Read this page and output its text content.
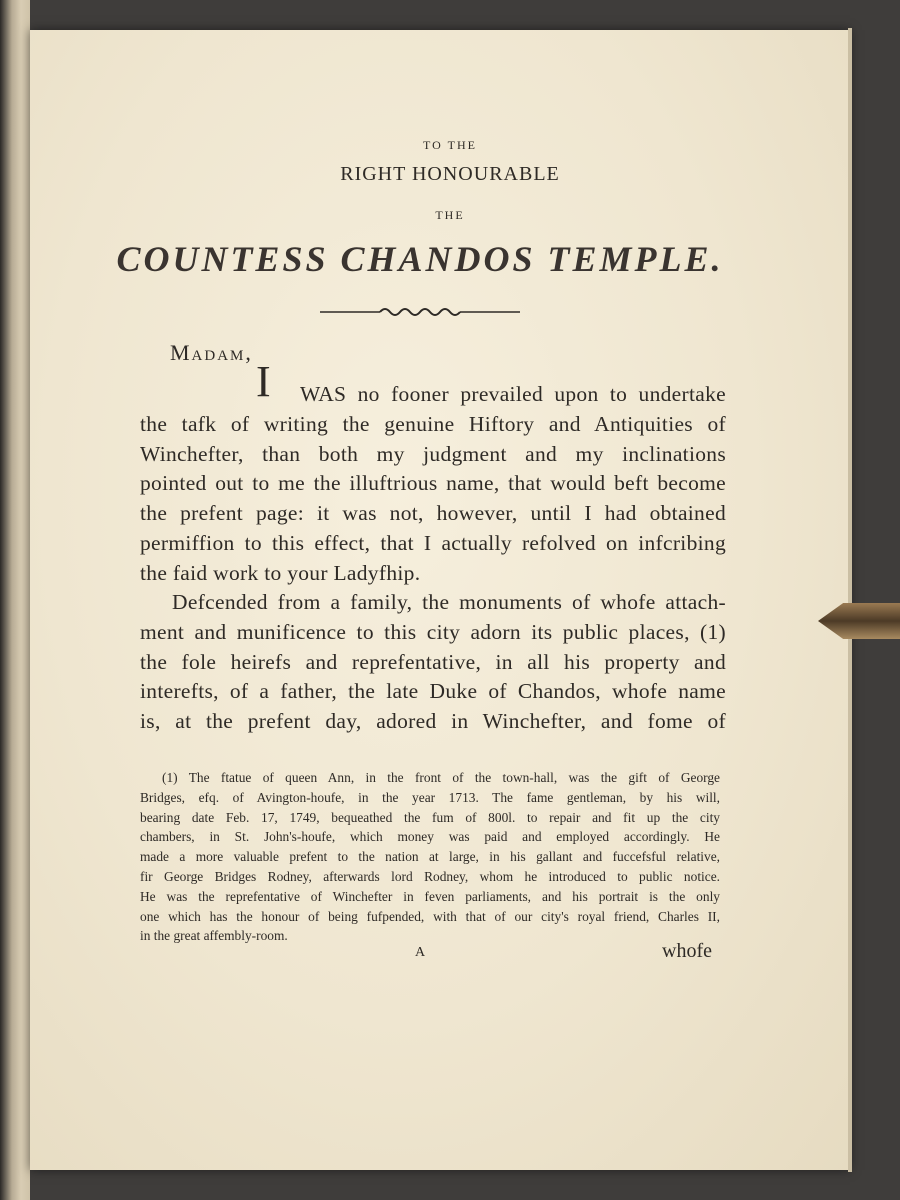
TO THE
RIGHT HONOURABLE
THE
COUNTESS CHANDOS TEMPLE.
Madam,
I WAS no fooner prevailed upon to undertake
the tafk of writing the genuine Hiftory and Antiquities of
Winchefter, than both my judgment and my inclinations
pointed out to me the illuftrious name, that would beft become
the prefent page: it was not, however, until I had obtained
permiffion to this effect, that I actually refolved on infcribing
the faid work to your Ladyfhip.
Defcended from a family, the monuments of whofe attach-
ment and munificence to this city adorn its public places, (1)
the fole heirefs and reprefentative, in all his property and
interefts, of a father, the late Duke of Chandos, whofe name
is, at the prefent day, adored in Winchefter, and fome of
(1) The ftatue of queen Ann, in the front of the town-hall, was the gift of George
Bridges, efq. of Avington-houfe, in the year 1713. The fame gentleman, by his will,
bearing date Feb. 17, 1749, bequeathed the fum of 800l. to repair and fit up the city
chambers, in St. John's-houfe, which money was paid and employed accordingly. He
made a more valuable prefent to the nation at large, in his gallant and fuccefsful relative,
fir George Bridges Rodney, afterwards lord Rodney, whom he introduced to public notice.
He was the reprefentative of Winchefter in feven parliaments, and his portrait is the only
one which has the honour of being fufpended, with that of our city's royal friend, Charles II,
in the great affembly-room.
A	whofe
